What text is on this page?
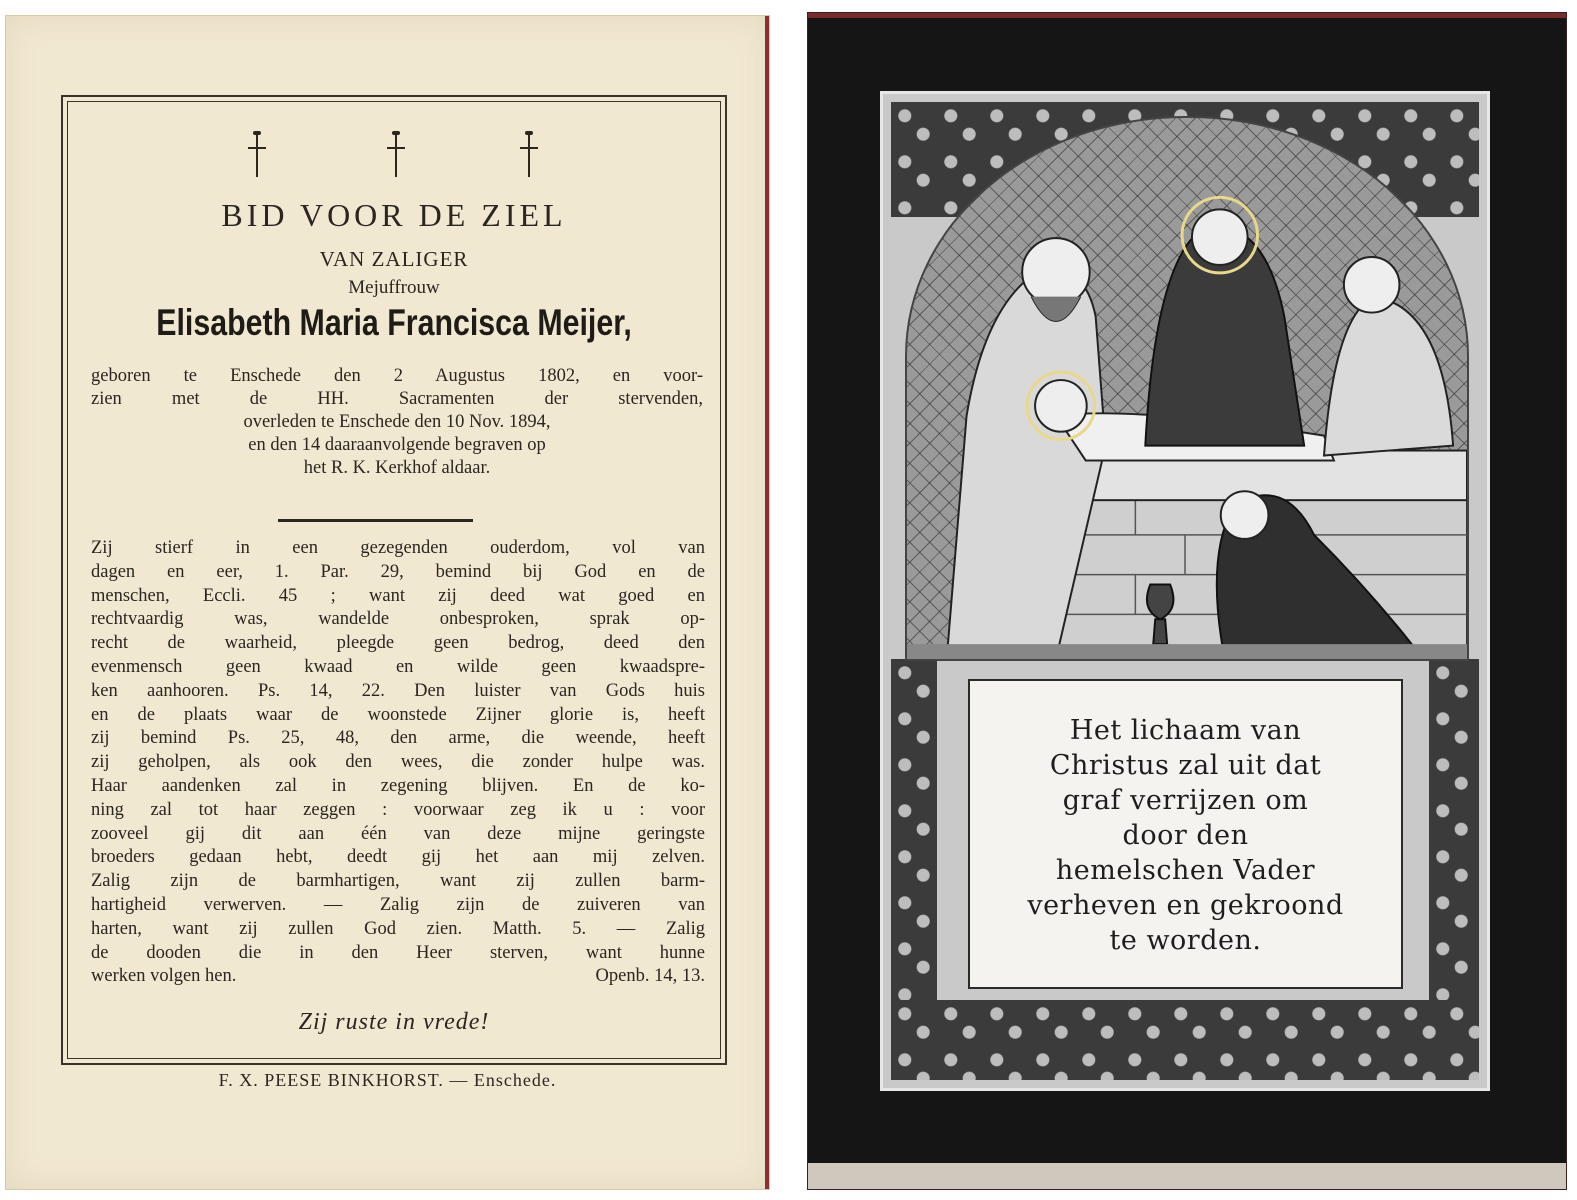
BID VOOR DE ZIEL
VAN ZALIGER
Mejuffrouw
Elisabeth Maria Francisca Meijer,
geboren te Enschede den 2 Augustus 1802, en voor-
zien met de HH. Sacramenten der stervenden,
overleden te Enschede den 10 Nov. 1894,
en den 14 daaraanvolgende begraven op
het R. K. Kerkhof aldaar.
Zij stierf in een gezegenden ouderdom, vol van
dagen en eer, 1. Par. 29, bemind bij God en de
menschen, Eccli. 45 ; want zij deed wat goed en
rechtvaardig was, wandelde onbesproken, sprak op-
recht de waarheid, pleegde geen bedrog, deed den
evenmensch geen kwaad en wilde geen kwaadspre-
ken aanhooren. Ps. 14, 22. Den luister van Gods huis
en de plaats waar de woonstede Zijner glorie is, heeft
zij bemind Ps. 25, 48, den arme, die weende, heeft
zij geholpen, als ook den wees, die zonder hulpe was.
Haar aandenken zal in zegening blijven. En de ko-
ning zal tot haar zeggen : voorwaar zeg ik u : voor
zooveel gij dit aan één van deze mijne geringste
broeders gedaan hebt, deedt gij het aan mij zelven.
Zalig zijn de barmhartigen, want zij zullen barm-
hartigheid verwerven. — Zalig zijn de zuiveren van
harten, want zij zullen God zien. Matth. 5. — Zalig
de dooden die in den Heer sterven, want hunne
werken volgen hen.	Openb. 14, 13.
Zij ruste in vrede!
F. X. PEESE BINKHORST. — Enschede.
Het lichaam van
Christus zal uit dat
graf verrijzen om
door den
hemelschen Vader
verheven en gekroond
te worden.
